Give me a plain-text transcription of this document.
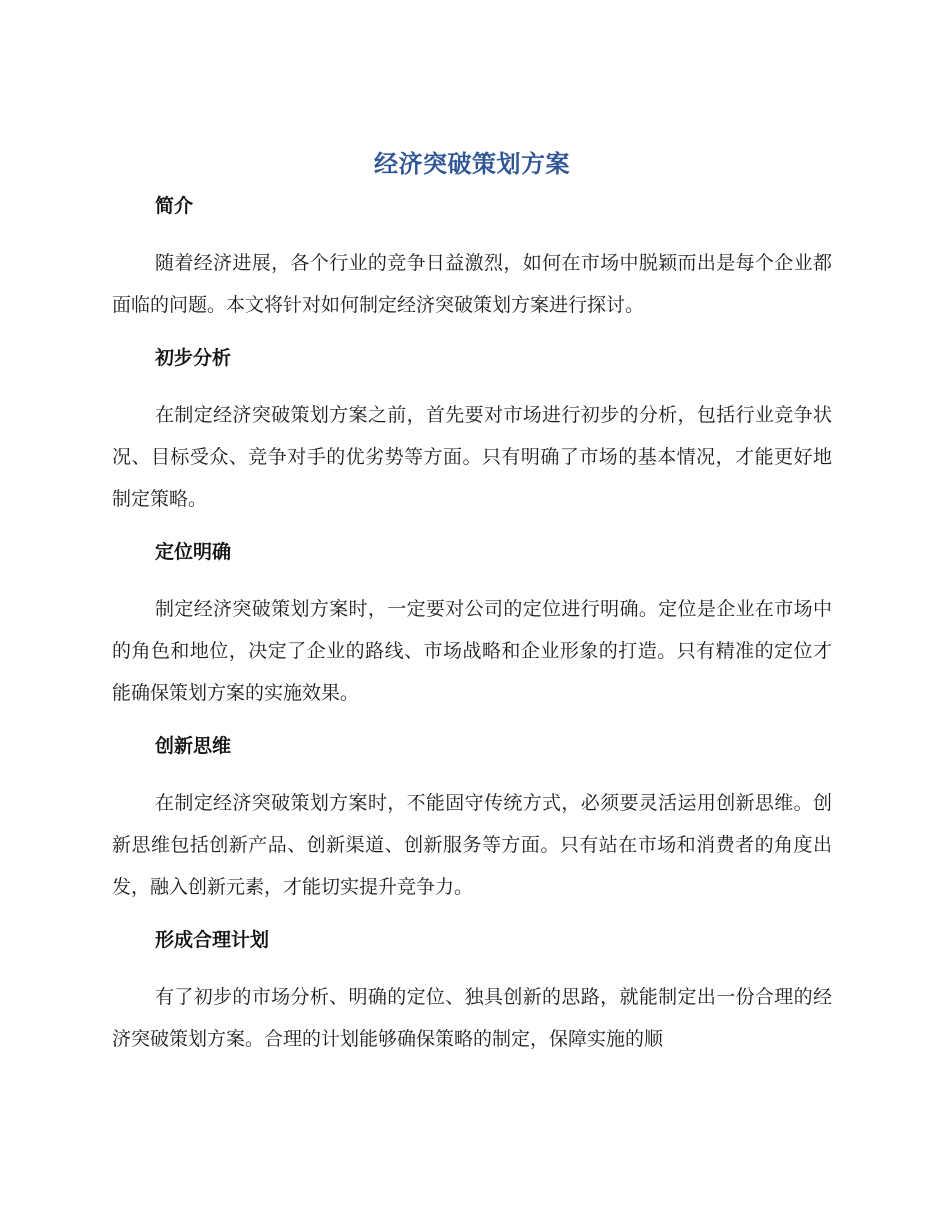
经济突破策划方案
简介

随着经济进展，各个行业的竞争日益激烈，如何在市场中脱颖而出是每个企业都面临的问题。本文将针对如何制定经济突破策划方案进行探讨。

初步分析

在制定经济突破策划方案之前，首先要对市场进行初步的分析，包括行业竞争状况、目标受众、竞争对手的优劣势等方面。只有明确了市场的基本情况，才能更好地制定策略。

定位明确

制定经济突破策划方案时，一定要对公司的定位进行明确。定位是企业在市场中的角色和地位，决定了企业的路线、市场战略和企业形象的打造。只有精准的定位才能确保策划方案的实施效果。

创新思维

在制定经济突破策划方案时，不能固守传统方式，必须要灵活运用创新思维。创新思维包括创新产品、创新渠道、创新服务等方面。只有站在市场和消费者的角度出发，融入创新元素，才能切实提升竞争力。

形成合理计划

有了初步的市场分析、明确的定位、独具创新的思路，就能制定出一份合理的经济突破策划方案。合理的计划能够确保策略的制定，保障实施的顺
